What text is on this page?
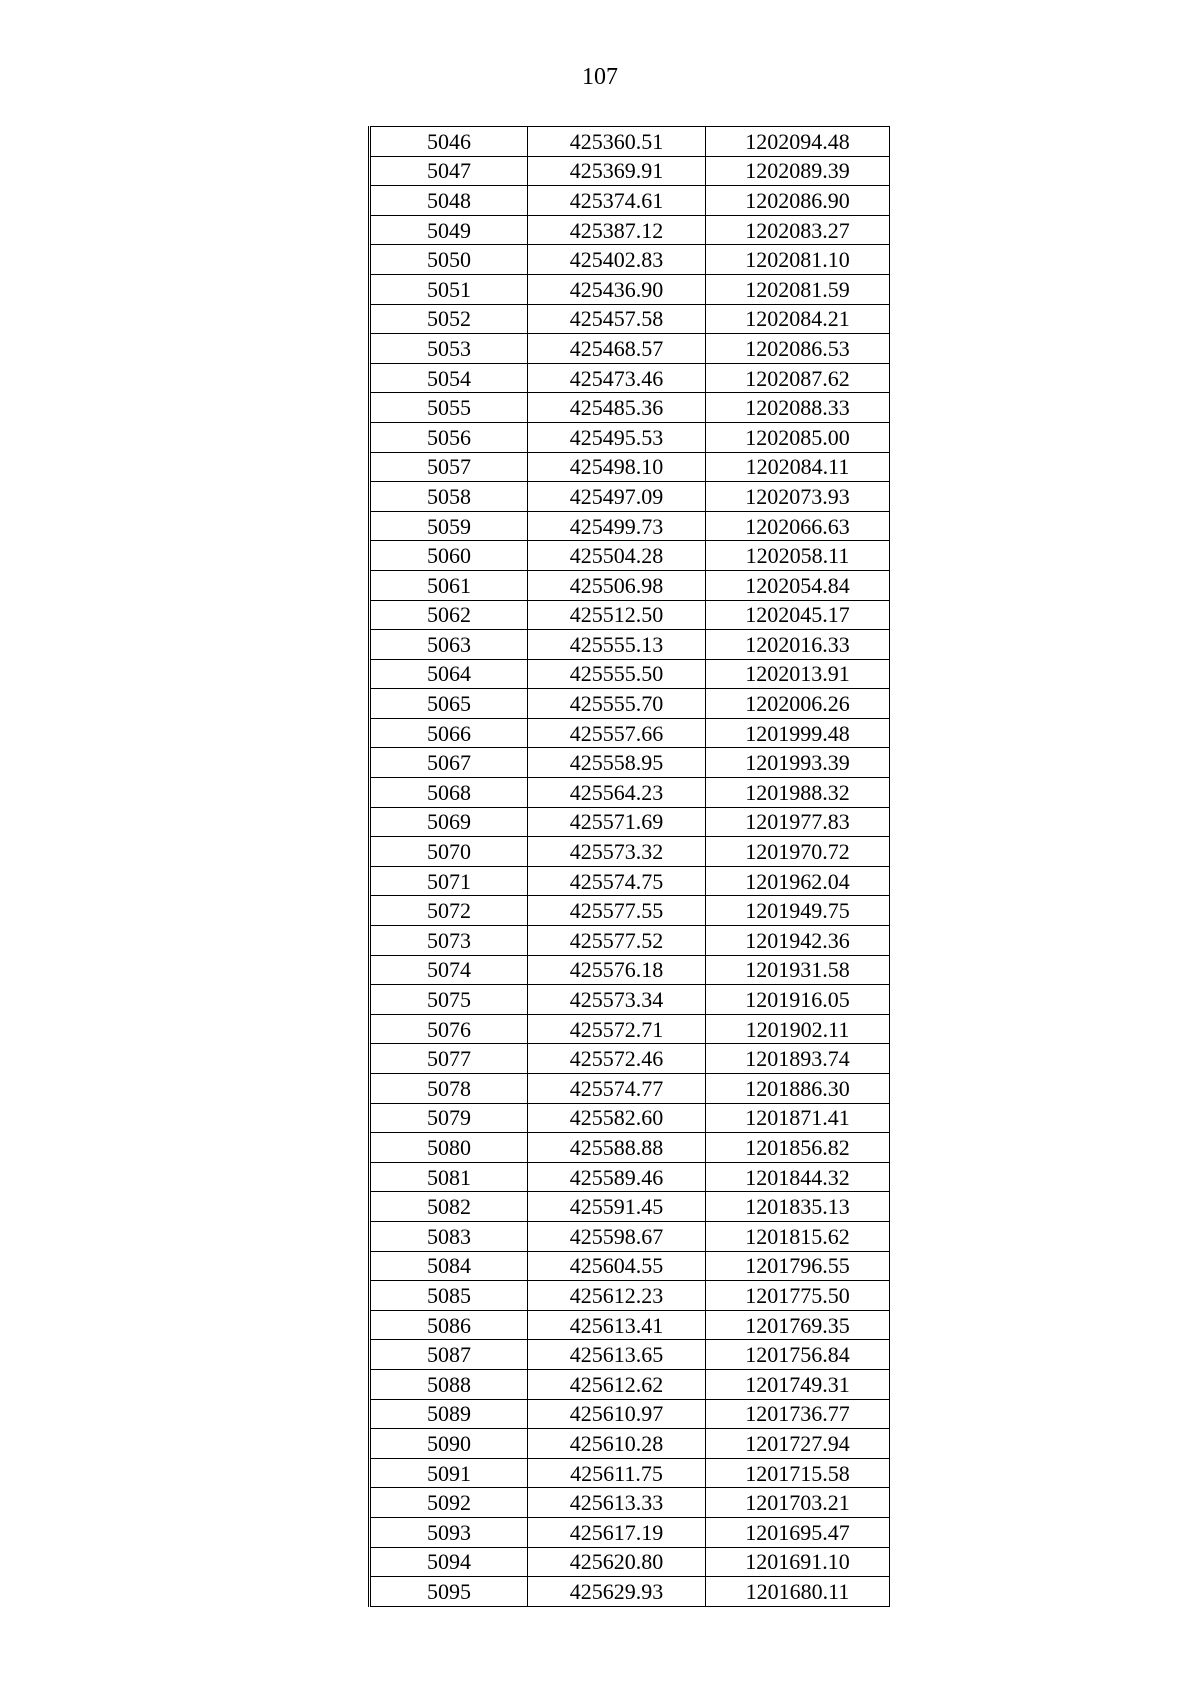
107
5046	425360.51	1202094.48
5047	425369.91	1202089.39
5048	425374.61	1202086.90
5049	425387.12	1202083.27
5050	425402.83	1202081.10
5051	425436.90	1202081.59
5052	425457.58	1202084.21
5053	425468.57	1202086.53
5054	425473.46	1202087.62
5055	425485.36	1202088.33
5056	425495.53	1202085.00
5057	425498.10	1202084.11
5058	425497.09	1202073.93
5059	425499.73	1202066.63
5060	425504.28	1202058.11
5061	425506.98	1202054.84
5062	425512.50	1202045.17
5063	425555.13	1202016.33
5064	425555.50	1202013.91
5065	425555.70	1202006.26
5066	425557.66	1201999.48
5067	425558.95	1201993.39
5068	425564.23	1201988.32
5069	425571.69	1201977.83
5070	425573.32	1201970.72
5071	425574.75	1201962.04
5072	425577.55	1201949.75
5073	425577.52	1201942.36
5074	425576.18	1201931.58
5075	425573.34	1201916.05
5076	425572.71	1201902.11
5077	425572.46	1201893.74
5078	425574.77	1201886.30
5079	425582.60	1201871.41
5080	425588.88	1201856.82
5081	425589.46	1201844.32
5082	425591.45	1201835.13
5083	425598.67	1201815.62
5084	425604.55	1201796.55
5085	425612.23	1201775.50
5086	425613.41	1201769.35
5087	425613.65	1201756.84
5088	425612.62	1201749.31
5089	425610.97	1201736.77
5090	425610.28	1201727.94
5091	425611.75	1201715.58
5092	425613.33	1201703.21
5093	425617.19	1201695.47
5094	425620.80	1201691.10
5095	425629.93	1201680.11
